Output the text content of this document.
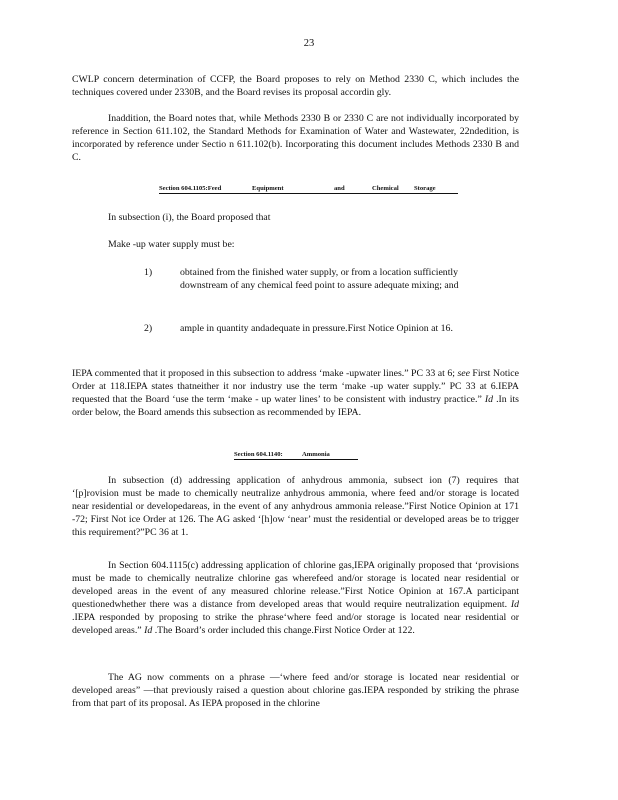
23

CWLP concern determination of CCFP, the Board proposes to rely on Method 2330 C, which includes the techniques covered under 2330B, and the Board revises its proposal accordin gly.

Inaddition, the Board notes that, while Methods 2330 B or 2330 C are not individually incorporated by reference in Section 611.102, the Standard Methods for Examination of Water and Wastewater, 22ndedition, is incorporated by reference under Sectio n 611.102(b). Incorporating this document includes Methods 2330 B and C.

Section 604.1105:Feed	Equipment	and	Chemical Storage

In subsection (i), the Board proposed that

Make -up water supply must be:

1)	obtained from the finished water supply, or from a location sufficiently downstream of any chemical feed point to assure adequate mixing; and
2)	ample in quantity andadequate in pressure.First Notice Opinion at 16.

IEPA commented that it proposed in this subsection to address ‘make -upwater lines.” PC 33 at 6; see First Notice Order at 118.IEPA states thatneither it nor industry use the term ‘make -up water supply.” PC 33 at 6.IEPA requested that the Board ‘use the term ‘make - up water lines’ to be consistent with industry practice.” Id .In its order below, the Board amends this subsection as recommended by IEPA.

Section 604.1140:	Ammonia

In subsection (d) addressing application of anhydrous ammonia, subsect ion (7) requires that ‘[p]rovision must be made to chemically neutralize anhydrous ammonia, where feed and/or storage is located near residential or developedareas, in the event of any anhydrous ammonia release.”First Notice Opinion at 171 -72; First Not ice Order at 126. The AG asked ‘[h]ow ‘near’ must the residential or developed areas be to trigger this requirement?”PC 36 at 1.

In Section 604.1115(c) addressing application of chlorine gas,IEPA originally proposed that ‘provisions must be made to chemically neutralize chlorine gas wherefeed and/or storage is located near residential or developed areas in the event of any measured chlorine release.”First Notice Opinion at 167.A participant questionedwhether there was a distance from developed areas that would require neutralization equipment. Id .IEPA responded by proposing to strike the phrase‘where feed and/or storage is located near residential or developed areas.” Id .The Board’s order included this change.First Notice Order at 122.

The AG now comments on a phrase —‘where feed and/or storage is located near residential or developed areas” —that previously raised a question about chlorine gas.IEPA responded by striking the phrase from that part of its proposal. As IEPA proposed in the chlorine
